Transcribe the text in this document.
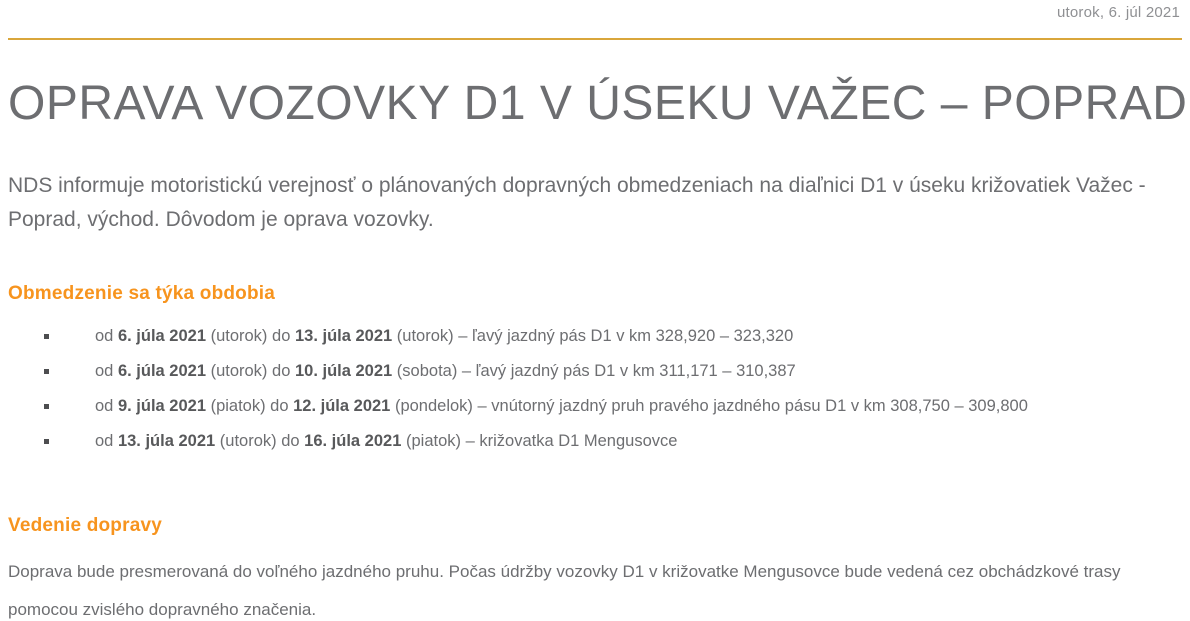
utorok, 6. júl 2021
OPRAVA VOZOVKY D1 V ÚSEKU VAŽEC – POPRAD

NDS informuje motoristickú verejnosť o plánovaných dopravných obmedzeniach na diaľnici D1 v úseku križovatiek Važec - Poprad, východ. Dôvodom je oprava vozovky.

Obmedzenie sa týka obdobia
od 6. júla 2021 (utorok) do 13. júla 2021 (utorok) – ľavý jazdný pás D1 v km 328,920 – 323,320
od 6. júla 2021 (utorok) do 10. júla 2021 (sobota) – ľavý jazdný pás D1 v km 311,171 – 310,387
od 9. júla 2021 (piatok) do 12. júla 2021 (pondelok) – vnútorný jazdný pruh pravého jazdného pásu D1 v km 308,750 – 309,800
od 13. júla 2021 (utorok) do 16. júla 2021 (piatok) – križovatka D1 Mengusovce
Vedenie dopravy

Doprava bude presmerovaná do voľného jazdného pruhu. Počas údržby vozovky D1 v križovatke Mengusovce bude vedená cez obchádzkové trasy pomocou zvislého dopravného značenia.
